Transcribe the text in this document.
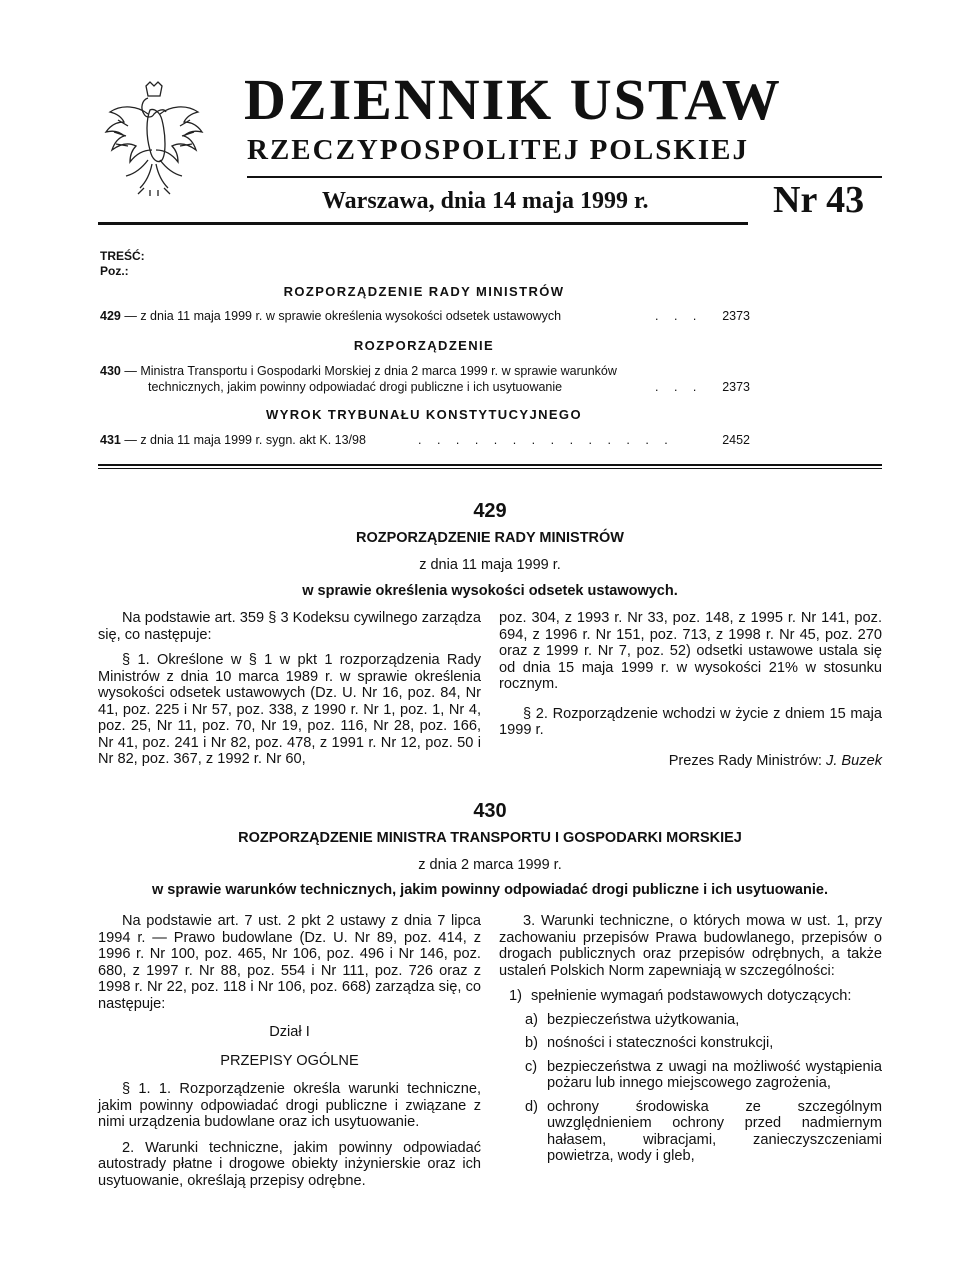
DZIENNIK USTAW
RZECZYPOSPOLITEJ POLSKIEJ
Warszawa, dnia 14 maja 1999 r.	Nr 43
TREŚĆ:
Poz.:
ROZPORZĄDZENIE RADY MINISTRÓW
429 — z dnia 11 maja 1999 r. w sprawie określenia wysokości odsetek ustawowych	. . . 2373
ROZPORZĄDZENIE
430 — Ministra Transportu i Gospodarki Morskiej z dnia 2 marca 1999 r. w sprawie warunków
technicznych, jakim powinny odpowiadać drogi publiczne i ich usytuowanie	. . . 2373
WYROK TRYBUNAŁU KONSTYTUCYJNEGO
431 — z dnia 11 maja 1999 r. sygn. akt K. 13/98	. . . . . . . . . . . . . .	2452
429
ROZPORZĄDZENIE RADY MINISTRÓW
z dnia 11 maja 1999 r.
w sprawie określenia wysokości odsetek ustawowych.

Na podstawie art. 359 § 3 Kodeksu cywilnego zarządza się, co następuje:

§ 1. Określone w § 1 w pkt 1 rozporządzenia Rady Ministrów z dnia 10 marca 1989 r. w sprawie określenia wysokości odsetek ustawowych (Dz. U. Nr 16, poz. 84, Nr 41, poz. 225 i Nr 57, poz. 338, z 1990 r. Nr 1, poz. 1, Nr 4, poz. 25, Nr 11, poz. 70, Nr 19, poz. 116, Nr 28, poz. 166, Nr 41, poz. 241 i Nr 82, poz. 478, z 1991 r. Nr 12, poz. 50 i Nr 82, poz. 367, z 1992 r. Nr 60,

poz. 304, z 1993 r. Nr 33, poz. 148, z 1995 r. Nr 141, poz. 694, z 1996 r. Nr 151, poz. 713, z 1998 r. Nr 45, poz. 270 oraz z 1999 r. Nr 7, poz. 52) odsetki ustawowe ustala się od dnia 15 maja 1999 r. w wysokości 21% w stosunku rocznym.

§ 2. Rozporządzenie wchodzi w życie z dniem 15 maja 1999 r.

Prezes Rady Ministrów: J. Buzek

430
ROZPORZĄDZENIE MINISTRA TRANSPORTU I GOSPODARKI MORSKIEJ
z dnia 2 marca 1999 r.
w sprawie warunków technicznych, jakim powinny odpowiadać drogi publiczne i ich usytuowanie.

Na podstawie art. 7 ust. 2 pkt 2 ustawy z dnia 7 lipca 1994 r. — Prawo budowlane (Dz. U. Nr 89, poz. 414, z 1996 r. Nr 100, poz. 465, Nr 106, poz. 496 i Nr 146, poz. 680, z 1997 r. Nr 88, poz. 554 i Nr 111, poz. 726 oraz z 1998 r. Nr 22, poz. 118 i Nr 106, poz. 668) zarządza się, co następuje:

Dział I

PRZEPISY OGÓLNE

§ 1. 1. Rozporządzenie określa warunki techniczne, jakim powinny odpowiadać drogi publiczne i związane z nimi urządzenia budowlane oraz ich usytuowanie.

2. Warunki techniczne, jakim powinny odpowiadać autostrady płatne i drogowe obiekty inżynierskie oraz ich usytuowanie, określają przepisy odrębne.

3. Warunki techniczne, o których mowa w ust. 1, przy zachowaniu przepisów Prawa budowlanego, przepisów o drogach publicznych oraz przepisów odrębnych, a także ustaleń Polskich Norm zapewniają w szczególności:

1) spełnienie wymagań podstawowych dotyczących:
a) bezpieczeństwa użytkowania,
b) nośności i stateczności konstrukcji,
c) bezpieczeństwa z uwagi na możliwość wystąpienia pożaru lub innego miejscowego zagrożenia,
d) ochrony środowiska ze szczególnym uwzględnieniem ochrony przed nadmiernym hałasem, wibracjami, zanieczyszczeniami powietrza, wody i gleb,
